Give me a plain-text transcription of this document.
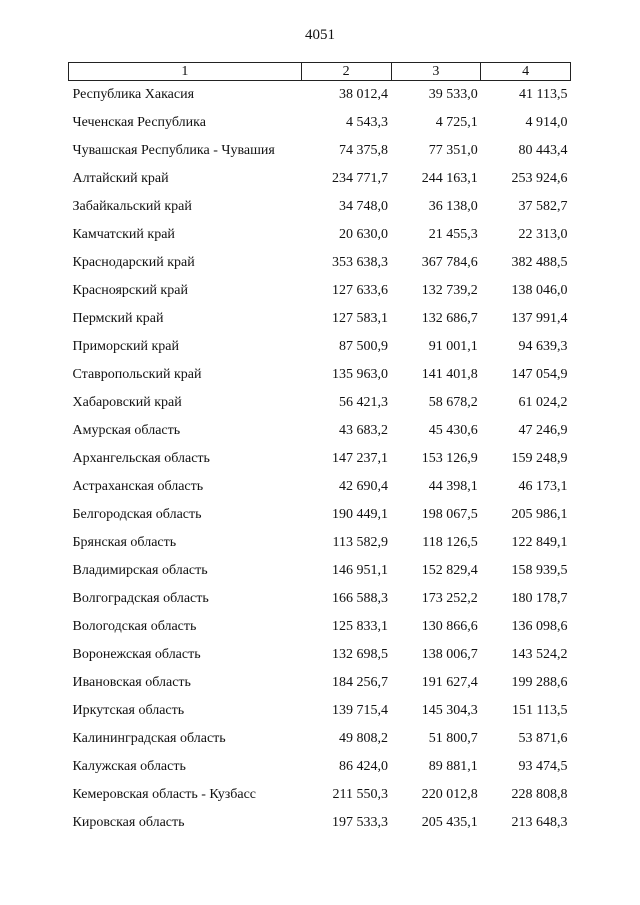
4051
1	2	3	4
Республика Хакасия	38 012,4	39 533,0	41 113,5
Чеченская Республика	4 543,3	4 725,1	4 914,0
Чувашская Республика - Чувашия	74 375,8	77 351,0	80 443,4
Алтайский край	234 771,7	244 163,1	253 924,6
Забайкальский край	34 748,0	36 138,0	37 582,7
Камчатский край	20 630,0	21 455,3	22 313,0
Краснодарский край	353 638,3	367 784,6	382 488,5
Красноярский край	127 633,6	132 739,2	138 046,0
Пермский край	127 583,1	132 686,7	137 991,4
Приморский край	87 500,9	91 001,1	94 639,3
Ставропольский край	135 963,0	141 401,8	147 054,9
Хабаровский край	56 421,3	58 678,2	61 024,2
Амурская область	43 683,2	45 430,6	47 246,9
Архангельская область	147 237,1	153 126,9	159 248,9
Астраханская область	42 690,4	44 398,1	46 173,1
Белгородская область	190 449,1	198 067,5	205 986,1
Брянская область	113 582,9	118 126,5	122 849,1
Владимирская область	146 951,1	152 829,4	158 939,5
Волгоградская область	166 588,3	173 252,2	180 178,7
Вологодская область	125 833,1	130 866,6	136 098,6
Воронежская область	132 698,5	138 006,7	143 524,2
Ивановская область	184 256,7	191 627,4	199 288,6
Иркутская область	139 715,4	145 304,3	151 113,5
Калининградская область	49 808,2	51 800,7	53 871,6
Калужская область	86 424,0	89 881,1	93 474,5
Кемеровская область - Кузбасс	211 550,3	220 012,8	228 808,8
Кировская область	197 533,3	205 435,1	213 648,3
